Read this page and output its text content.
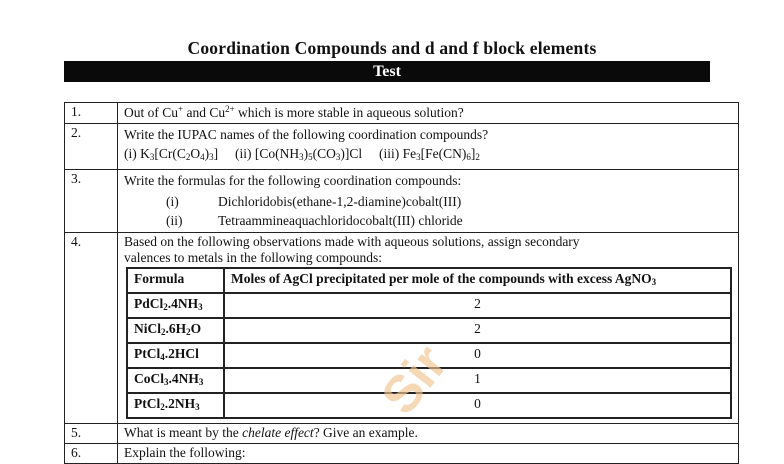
Coordination Compounds and d and f block elements
Test
1.	Out of Cu+ and $Cu^{2+}$ which is more stable in aqueous solution?
2.	Write the IUPAC names of the following coordination compounds?
(i) $K_3[Cr(C_2O_4)_3]$ (ii) $[Co(NH_3)_5(CO_3)]Cl$ (iii) $Fe_3[Fe(CN)_6]_2$

3.	Write the formulas for the following coordination compounds:
(i)	Dichloridobis(ethane-1,2-diamine)cobalt(III)
(ii)	Tetraammineaquachloridocobalt(III) chloride

4.	Based on the following observations made with aqueous solutions, assign secondary
valences to metals in the following compounds:
Formula	Moles of AgCl precipitated per mole of the compounds with excess AgNO$_3$
$PdCl_2.4NH_3$	2
$NiCl_2.6H_2O$	2
PtCl$_4$.2HCl	0
$CoCl_3.4NH_3$	1
$PtCl_2.2NH_3$	0

5.	What is meant by the chelate effect? Give an example.
6.	Explain the following:
Sir
